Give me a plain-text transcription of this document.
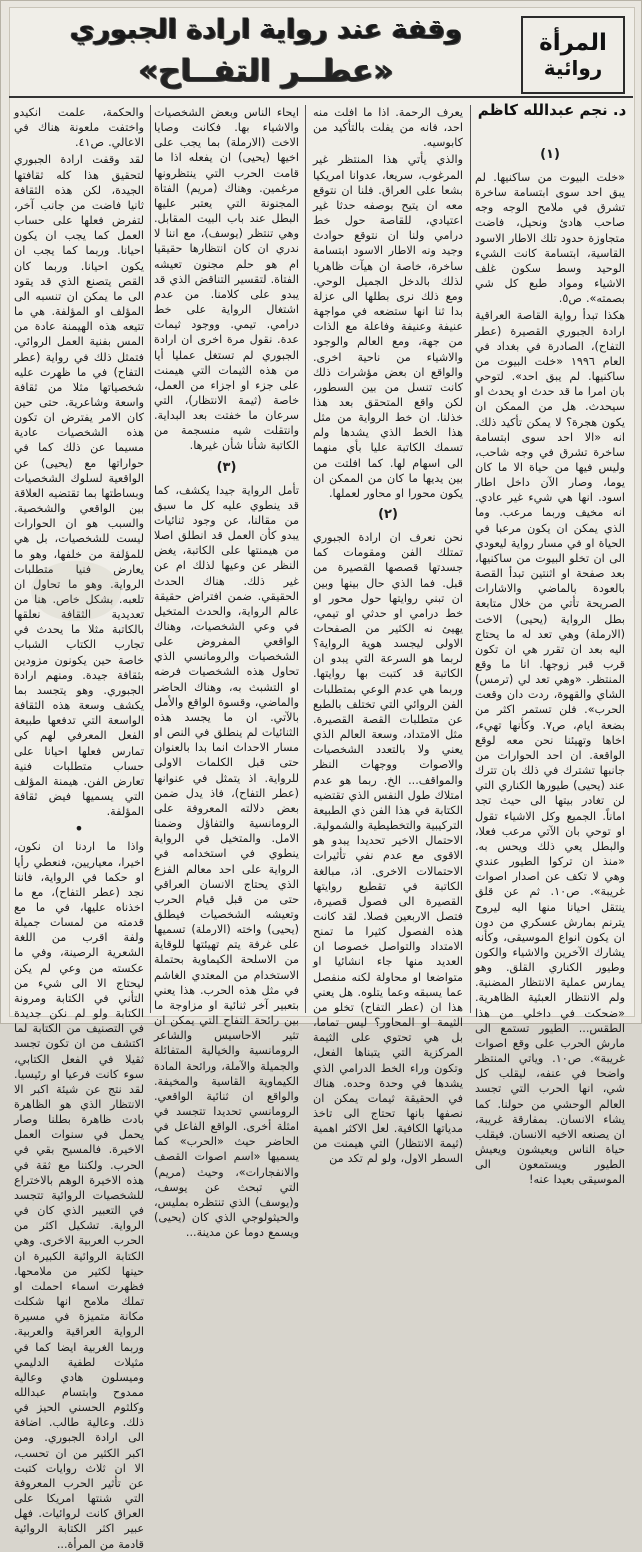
المرأة
روائية
وقفة عند رواية ارادة الجبوري
«عطــر التفــاح»
د. نجم عبدالله كاظم
(١)

«خلت البيوت من ساكنيها. لم يبق احد سوى ابتسامة ساخرة تشرق في ملامح الوجه وجه صاحب هادئ ونحيل، فاضت متجاوزة حدود تلك الاطار الاسود القاسية، ابتسامة كانت الشيء الوحيد وسط سكون غلف الاشياء ومواد طبع كل شي بصمته». ص٥.

هكذا تبدأ رواية القاصة العراقية ارادة الجبوري القصيرة (عطر التفاح)، الصادرة في بغداد في العام ١٩٩٦ «خلت البيوت من ساكنيها. لم يبق احد». لتوحي بان امرا ما قد حدث او يحدث او سيحدث. هل من الممكن ان يكون هجرة؟ لا يمكن تأكيد ذلك. انه «الا احد سوى ابتسامة ساخرة تشرق في وجه شاحب، وليس فيها من حياة الا ما كان يوما، وصار الآن داخل اطار اسود. انها هي شيء غير عادي. انه مخيف وربما مرعب. وما الذي يمكن ان يكون مرعبا في الحياة او في مسار رواية ليعودي الى ان تخلو البيوت من ساكنيها، بعد صفحة او اثنتين تبدأ القصة بالعودة بالماضي والاشارات الصريحة تأتي من خلال متابعة بطل الرواية (يحيى) الاخت (الارملة) وهي تعد له ما يحتاج اليه بعد ان تقرر هي ان تكون قرب قبر زوجها. انا ما وقع المنتظر. «وهي تعد لي (ترمس) الشاي والقهوة، ردت دان وقعت الحرب». فلن تستمر اكثر من بضعة ايام، ص٧. وكأنها تهيء، اخاها وتهيئنا نحن معه لوقع الواقعة. ان احد الحوارات من جانبها تشترك في ذلك بان تترك عند (يحيى) طيورها الكناري التي لن تغادر بيتها الى حيث تجد اماناً. الجميع وكل الاشياء تقول او توحي بان الآتي مرعب فعلا، والبطل يعي ذلك ويحس به. «منذ ان تركوا الطيور عندي وهي لا تكف عن اصدار اصوات غريبة». ص١٠. ثم عن قلق ينتقل احيانا منها اليه ليروح يترنم بمارش عسكري من دون ان يكون انواع الموسيقى، وكأنه يشارك الآخرين والاشياء والكون وطيور الكناري القلق. وهو يمارس عملية الانتظار المضنية. ولم الانتظار العبثية الظاهرية. «ضحكت في داخلي من هذا الطقس... الطيور تستمع الى مارش الحرب على وقع اصوات غريبة». ص١٠. وياتي المنتظر واضحا في عنفه، ليقلب كل شي، انها الحرب التي تجسد العالم الوحشي من حولنا. كما يشاء الانسان. بمفارقة غريبة، ان يصنعه الاخيه الانسان. فيقلب حياة الناس ويعيشون ويعيش الطيور ويستمعون الى الموسيقى بعيدا عنه!

يعرف الرحمة. اذا ما افلت منه احد، فانه من يفلت بالتأكيد من كابوسيه.

والذي يأتي هذا المنتظر غير المرغوب، سريعا، عدوانا امريكيا بشعا على العراق. فلنا ان نتوقع معه ان يتيح بوصفه حدثا غير اعتيادي، للقاصة حول خط درامي ولنا ان نتوقع حوادث وجيد ونه الاطار الاسود ابتسامة ساخرة، خاصة ان هيآت ظاهريا لذلك بالدخل الجميل الوحي. ومع ذلك نرى بطلها الى عزلة بدا ثنا انها ستضعه في مواجهة عنيفة وعنيفة وفاعلة مع الذات من جهة، ومع العالم والوجود والاشياء من ناحية اخرى. والواقع ان بعض مؤشرات ذلك كانت تنسل من بين السطور، لكن واقع المتحقق بعد هذا خذلنا. ان خط الرواية من مثل هذا الخط الذي يشدها ولم تسمك الكاتبة عليا بأي منهما الى اسهام لها. كما افلتت من بين يديها ما كان من الممكن ان يكون محورا او محاور لعملها.

(٢)

نحن نعرف ان ارادة الجبوري تمتلك الفن ومقومات كما جسدتها قصصها القصيرة من قبل. فما الذي حال بينها وبين ان تبني روايتها حول محور او خط درامي او حدثي او تيمي، يهيئ نه الكثير من الصفحات الاولى ليجسد هوية الرواية؟ لربما هو السرعة التي يبدو ان الكاتبة قد كتبت بها روايتها. وربما هي عدم الوعي بمتطلبات الفن الروائي التي تختلف بالطبع عن متطلبات القصة القصيرة. مثل الامتداد، وسعة العالم الذي يعني ولا بالتعدد الشخصيات والاصوات ووجهات النظر والمواقف... الخ. ربما هو عدم امتلاك طول النفس الذي تقتضيه الكتابة في هذا الفن ذي الطبيعة التركيبية والتخطيطية والشمولية. الاحتمال الاخير تحديدا يبدو هو الاقوى مع عدم نفي تأثيرات الاحتمالات الاخرى. اذ، مبالغة الكاتبة في تقطيع روايتها القصيرة الى فصول قصيرة، فتصل الاربعين فصلا. لقد كانت هذه الفصول كثيرا ما تمنح الامتداد والتواصل خصوصا ان العديد منها جاء انشائيا او متواضعا او محاولة لكنه منفصل عما يسبقه وعما يتلوه. هل يعني هذا ان (عطر التفاح) تخلو من الثيمة او المحاور؟ ليس تماما، بل هي تحتوي على الثيمة المركزية التي يتبناها الفعل، وتكون وراء الخط الدرامي الذي يشدها في وحدة وحده. هناك في الحقيقة ثيمات يمكن ان نصفها بانها تحتاج الى تاخذ مدياتها الكافية. لعل الاكثر اهمية (ثيمة الانتظار) التي هيمنت من السطر الاول، ولو لم تكد من

ايحاء الناس وبعض الشخصيات والاشياء بها. فكانت وصايا الاخت (الارملة) بما يجب على اخيها (يحيى) ان يفعله اذا ما قامت الحرب التي ينتظرونها مرغمين. وهناك (مريم) الفتاة المجنونة التي يعتبر عليها البطل عند باب البيت المقابل. وهي تنتظر (يوسف)، مع اننا لا ندري ان كان انتظارها حقيقيا ام هو حلم مجنون تعيشه الفتاة. لتقسير التناقض الذي قد يبدو على كلامنا. من عدم اشتغال الرواية على خط درامي. تيمي. ووجود ثيمات عدة. نقول مرة اخرى ان ارادة الجبوري لم تستغل عمليا أيا من هذه الثيمات التي هيمنت على جزء او اجزاء من العمل، خاصة (ثيمة الانتظار)، التي سرعان ما خفتت بعد البداية. وانتقلت شيه منسجمة من الكاتبة شأنا شأن غيرها.

(٣)

تأمل الرواية جيدا يكشف، كما قد ينطوي عليه كل ما سبق من مقالنا، عن وجود ثنائيات يبدو كأن العمل قد انطلق اصلا من هيمنتها على الكاتبة، يغض النظر عن وعيها لذلك ام عن غير ذلك. هناك الحدث الحقيقي. ضمن افتراض حقيقة عالم الرواية، والحدث المتخيل في وعي الشخصيات، وهناك الواقعي المفروض على الشخصيات والرومانسي الذي تحاول هذه الشخصيات فرضه او التشبث به، وهناك الحاضر والماضي، وقسوة الواقع والأمل بالآتي. ان ما يجسد هذه الثنائيات لم ينطلق في النص او مسار الاحداث انما بدا بالعنوان حتى قبل الكلمات الاولى للرواية. اذ يتمثل في عنوانها (عطر التفاح)، فاذ يدل ضمن بعض دلالته المعروفة على الرومانسية والتفاؤل وضمنا الامل. والمتخيل في الرواية ينطوي في استخدامه في الرواية على احد معالم الفزع الذي يحتاج الانسان العراقي حتى من قبل قيام الحرب وتعيشه الشخصيات فيطلق (يحيى) واخته (الارملة) تسميها على غرفة يتم تهيئتها للوقاية من الاسلحة الكيماوية بحتملة الاستخدام من المعتدي الغاشم في مثل هذه الحرب. هذا يعني بتعبير آخر ثنائية او مزاوجة ما بين رائحة التفاح التي يمكن ان تثير الاحاسيس والشاعر الرومانسية والخيالية المتفائلة والجميلة والآملة، ورائحة المادة الكيماوية القاسية والمخيفة. والواقع ان ثنائية الواقعي. الرومانسي تحديدا تتجسد في امثلة أخرى. الواقع الفاعل في الحاضر حيث «الحرب» كما يسميها «اسم اصوات القصف والانفجارات»، وحيث (مريم) التي تبحث عن يوسف، و(يوسف) الذي تنتظره بمليس، والحيثولوجي الذي كان (يحيى) ويسمع دوما عن مدينة...

والحكمة، علمت انكيدو واختفت ملعونة هناك في الاعالي. ص٤١.

لقد وقفت ارادة الجبوري لتحقيق هذا كله ثقافتها الجيدة، لكن هذه الثقافة ثانيا فاضت من جانب آخر، لتفرض فعلها على حساب العمل كما يجب ان يكون احيانا. وربما كما يجب ان يكون احيانا. وربما كان القص يتصنع الذي قد يقود الى ما يمكن ان تنسبه الى المؤلف او المؤلفة. هي ما تتيعه هذه الهيمنة عادة من المس بفنية العمل الروائي. فتمثل ذلك في رواية (عطر التفاح) في ما ظهرت عليه شخصياتها مثلا من ثقافة واسعة وشاعرية. حتى حين كان الامر يفترض ان تكون هذه الشخصيات عادية مسيما عن ذلك كما في حواراتها مع (يحيى) عن الواقعية لسلوك الشخصيات وبساطتها بما تقتضيه العلاقة بين الواقعي والشخصية. والسبب هو ان الحوارات ليست للشخصيات، بل هي للمؤلفة من خلفها، وهو ما يعارض فنيا متطلبات الرواية. وهو ما تحاول ان تلعبه. بشكل خاص. هنا من تعديدية الثقافة نعلقها بالكاتبة مثلا ما يحدث في تجارب الكتاب الشباب خاصة حين يكونون مزودين بثقافة جيدة. ومنهم ارادة الجبوري. وهو يتجسد بما يكشف وسعة هذه الثقافة الواسعة التي تدفعها طبيعة الفعل المعرفي لهم كي تمارس فعلها احيانا على حساب متطلبات فنية تعارض الفن. هيمنة المؤلف التي يسميها فيض ثقافة المؤلفة.

•

واذا ما اردنا ان نكون، اخيرا، معياريين، فنعطي رأيا او حكما في الرواية، فاننا نجد (عطر التفاح)، مع ما اخذناه عليها، في ما مع قدمته من لمسات جميلة ولفة اقرب من اللغة الشعرية الرصينة، وفي ما عكسته من وعي لم يكن ليحتاج الا الى شيء من التأني في الكتابة ومرونة الكتابة ولو لم نكن جديدة في التصنيف من الكتابة لما اكتشف من ان تكون تجسد ثقيلا في الفعل الكتابي، سوء كانت فرعيا او رئيسيا. لقد نتج عن شيئة اكبر الا الانتظار الذي هو الظاهرة بادت ظاهرة بطلنا وصار يحمل في سنوات العمل الاخيرة. فالمسيح بقي في الحرب. ولكننا مع ثقة في هذه الاخيرة الوهم بالاختراع للشخصيات الروائية تتجسد في التعبير الذي كان في الرواية. تشكيل اكثر من الحرب العربية الاخرى. وهي الكتابة الروائية الكبيرة ان حينها لكثير من ملامحها. فظهرت اسماء احملت او تملك ملامح انها شكلت مكانة متميزة في مسيرة الرواية العراقية والعربية. وربما الغربية ايضا كما في مثيلات لطفية الدليمي وميسلون هادي وعالية ممدوح وابتسام عبدالله وكلثوم الحسني الحيز في ذلك. وعالية طالب. اضافة الى ارادة الجبوري. ومن اكبر الكثير من ان تحسب، الا ان ثلاث روايات كتبت عن تأثير الحرب المعروفة التي شنتها امريكا على العراق كانت لروائيات. فهل عبير اكثر الكتابة الروائية قادمة من المرأة...
